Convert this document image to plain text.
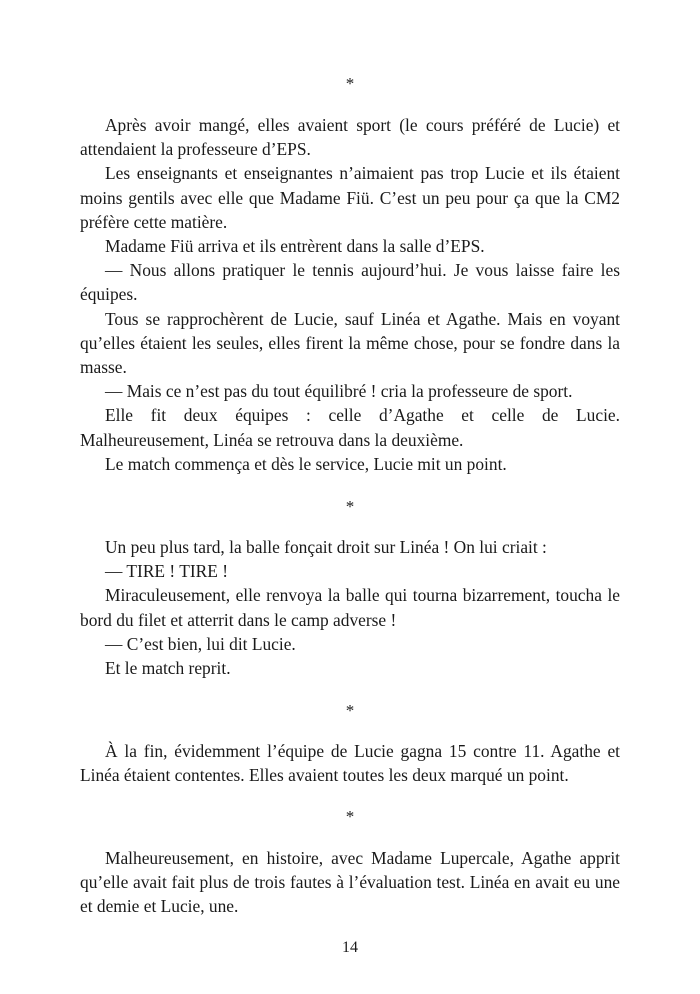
*

Après avoir mangé, elles avaient sport (le cours préféré de Lucie) et attendaient la professeure d’EPS.

Les enseignants et enseignantes n’aimaient pas trop Lucie et ils étaient moins gentils avec elle que Madame Fiü. C’est un peu pour ça que la CM2 préfère cette matière.

Madame Fiü arriva et ils entrèrent dans la salle d’EPS.

— Nous allons pratiquer le tennis aujourd’hui. Je vous laisse faire les équipes.

Tous se rapprochèrent de Lucie, sauf Linéa et Agathe. Mais en voyant qu’elles étaient les seules, elles firent la même chose, pour se fondre dans la masse.

— Mais ce n’est pas du tout équilibré ! cria la professeure de sport.

Elle fit deux équipes : celle d’Agathe et celle de Lucie. Malheureusement, Linéa se retrouva dans la deuxième.

Le match commença et dès le service, Lucie mit un point.

*

Un peu plus tard, la balle fonçait droit sur Linéa ! On lui criait :

— TIRE ! TIRE !

Miraculeusement, elle renvoya la balle qui tourna bizarrement, toucha le bord du filet et atterrit dans le camp adverse !

— C’est bien, lui dit Lucie.

Et le match reprit.

*

À la fin, évidemment l’équipe de Lucie gagna 15 contre 11. Agathe et Linéa étaient contentes. Elles avaient toutes les deux marqué un point.

*

Malheureusement, en histoire, avec Madame Lupercale, Agathe apprit qu’elle avait fait plus de trois fautes à l’évaluation test. Linéa en avait eu une et demie et Lucie, une.

14
